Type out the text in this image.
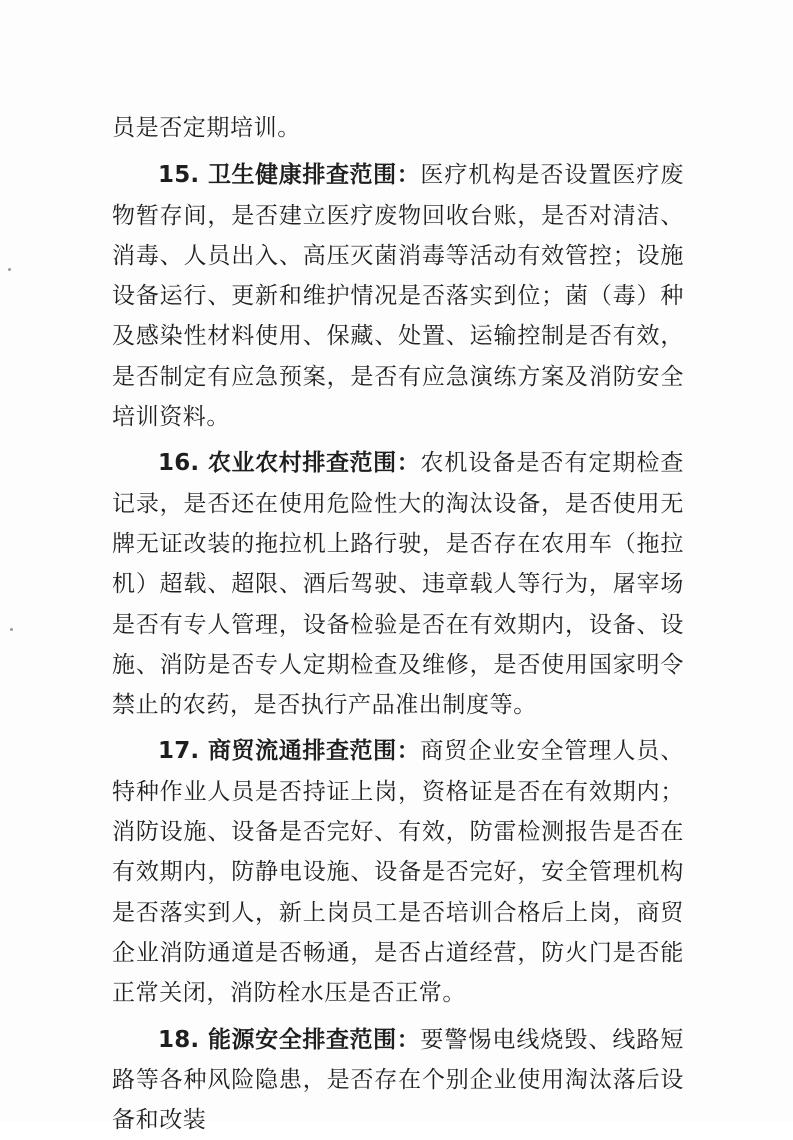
员是否定期培训。

15. 卫生健康排查范围：医疗机构是否设置医疗废物暂存间，是否建立医疗废物回收台账，是否对清洁、消毒、人员出入、高压灭菌消毒等活动有效管控；设施设备运行、更新和维护情况是否落实到位；菌（毒）种及感染性材料使用、保藏、处置、运输控制是否有效，是否制定有应急预案，是否有应急演练方案及消防安全培训资料。

16. 农业农村排查范围：农机设备是否有定期检查记录，是否还在使用危险性大的淘汰设备，是否使用无牌无证改装的拖拉机上路行驶，是否存在农用车（拖拉机）超载、超限、酒后驾驶、违章载人等行为，屠宰场是否有专人管理，设备检验是否在有效期内，设备、设施、消防是否专人定期检查及维修，是否使用国家明令禁止的农药，是否执行产品准出制度等。

17. 商贸流通排查范围：商贸企业安全管理人员、特种作业人员是否持证上岗，资格证是否在有效期内；消防设施、设备是否完好、有效，防雷检测报告是否在有效期内，防静电设施、设备是否完好，安全管理机构是否落实到人，新上岗员工是否培训合格后上岗，商贸企业消防通道是否畅通，是否占道经营，防火门是否能正常关闭，消防栓水压是否正常。

18. 能源安全排查范围：要警惕电线烧毁、线路短路等各种风险隐患，是否存在个别企业使用淘汰落后设备和改装
